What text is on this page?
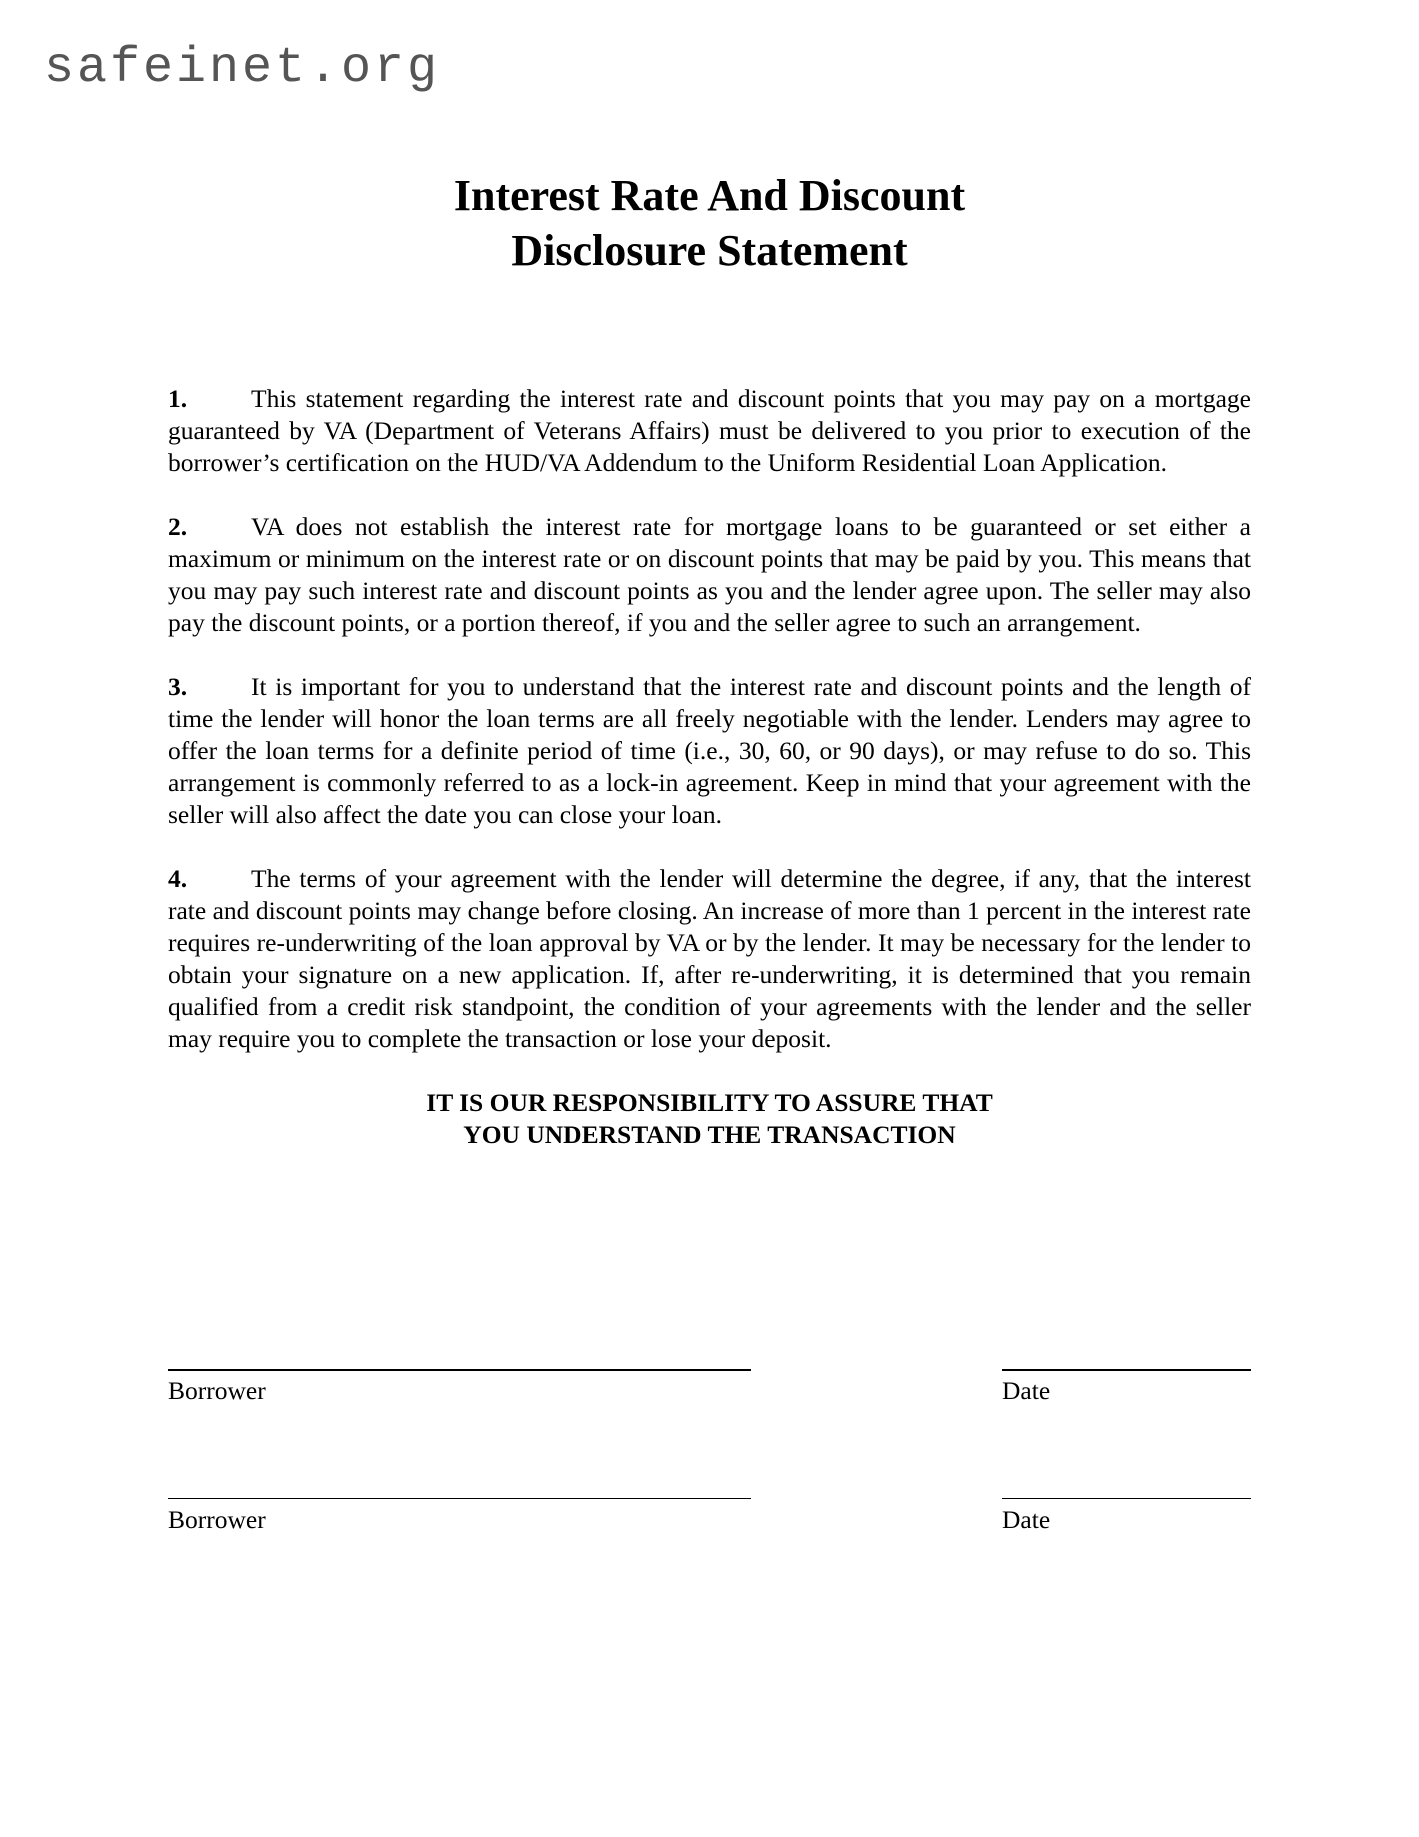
safeinet.org
Interest Rate And Discount
Disclosure Statement

1.	This statement regarding the interest rate and discount points that you may pay on a mortgage guaranteed by VA (Department of Veterans Affairs) must be delivered to you prior to execution of the borrower’s certification on the HUD/VA Addendum to the Uniform Residential Loan Application.

2.	VA does not establish the interest rate for mortgage loans to be guaranteed or set either a maximum or minimum on the interest rate or on discount points that may be paid by you. This means that you may pay such interest rate and discount points as you and the lender agree upon. The seller may also pay the discount points, or a portion thereof, if you and the seller agree to such an arrangement.

3.	It is important for you to understand that the interest rate and discount points and the length of time the lender will honor the loan terms are all freely negotiable with the lender. Lenders may agree to offer the loan terms for a definite period of time (i.e., 30, 60, or 90 days), or may refuse to do so. This arrangement is commonly referred to as a lock-in agreement. Keep in mind that your agreement with the seller will also affect the date you can close your loan.

4.	The terms of your agreement with the lender will determine the degree, if any, that the interest rate and discount points may change before closing. An increase of more than 1 percent in the interest rate requires re-underwriting of the loan approval by VA or by the lender. It may be necessary for the lender to obtain your signature on a new application. If, after re-underwriting, it is determined that you remain qualified from a credit risk standpoint, the condition of your agreements with the lender and the seller may require you to complete the transaction or lose your deposit.

IT IS OUR RESPONSIBILITY TO ASSURE THAT
YOU UNDERSTAND THE TRANSACTION
Borrower	Date
Borrower	Date
